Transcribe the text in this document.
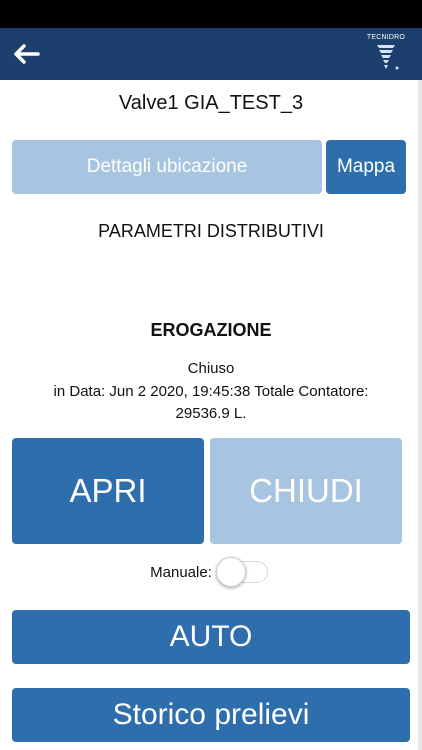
TECNIDRO
Valve1 GIA_TEST_3
Dettagli ubicazione	Mappa
PARAMETRI DISTRIBUTIVI
EROGAZIONE
Chiuso
in Data: Jun 2 2020, 19:45:38 Totale Contatore:
29536.9 L.
APRI	CHIUDI
Manuale:
AUTO
Storico prelievi
